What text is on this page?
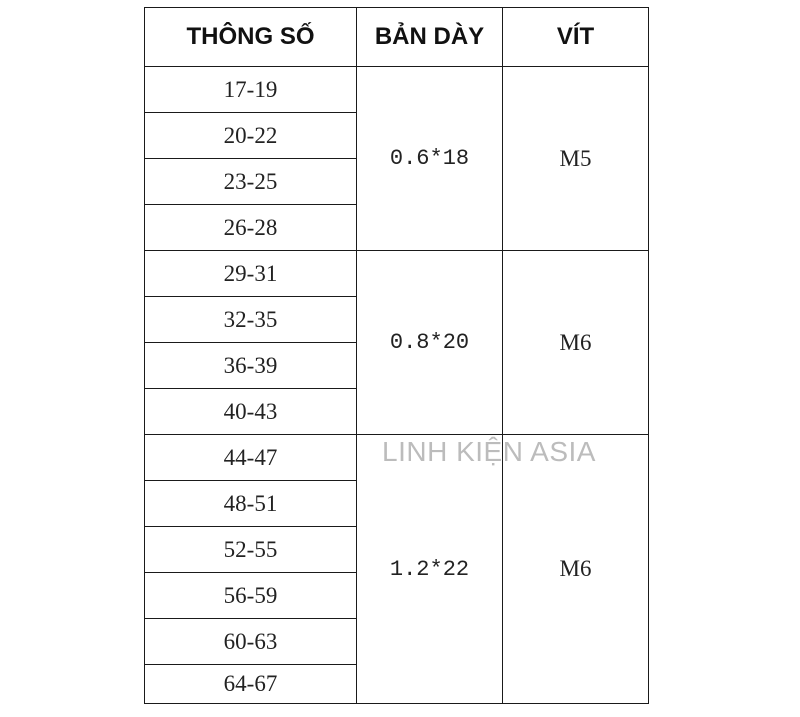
THÔNG SỐ	BẢN DÀY	VÍT
17-19	0.6*18	M5
20-22		
23-25		
26-28		
29-31	0.8*20	M6
32-35		
36-39		
40-43		
44-47	1.2*22	M6
48-51		
52-55		
56-59		
60-63		
64-67		
LINH KIỆN ASIA
